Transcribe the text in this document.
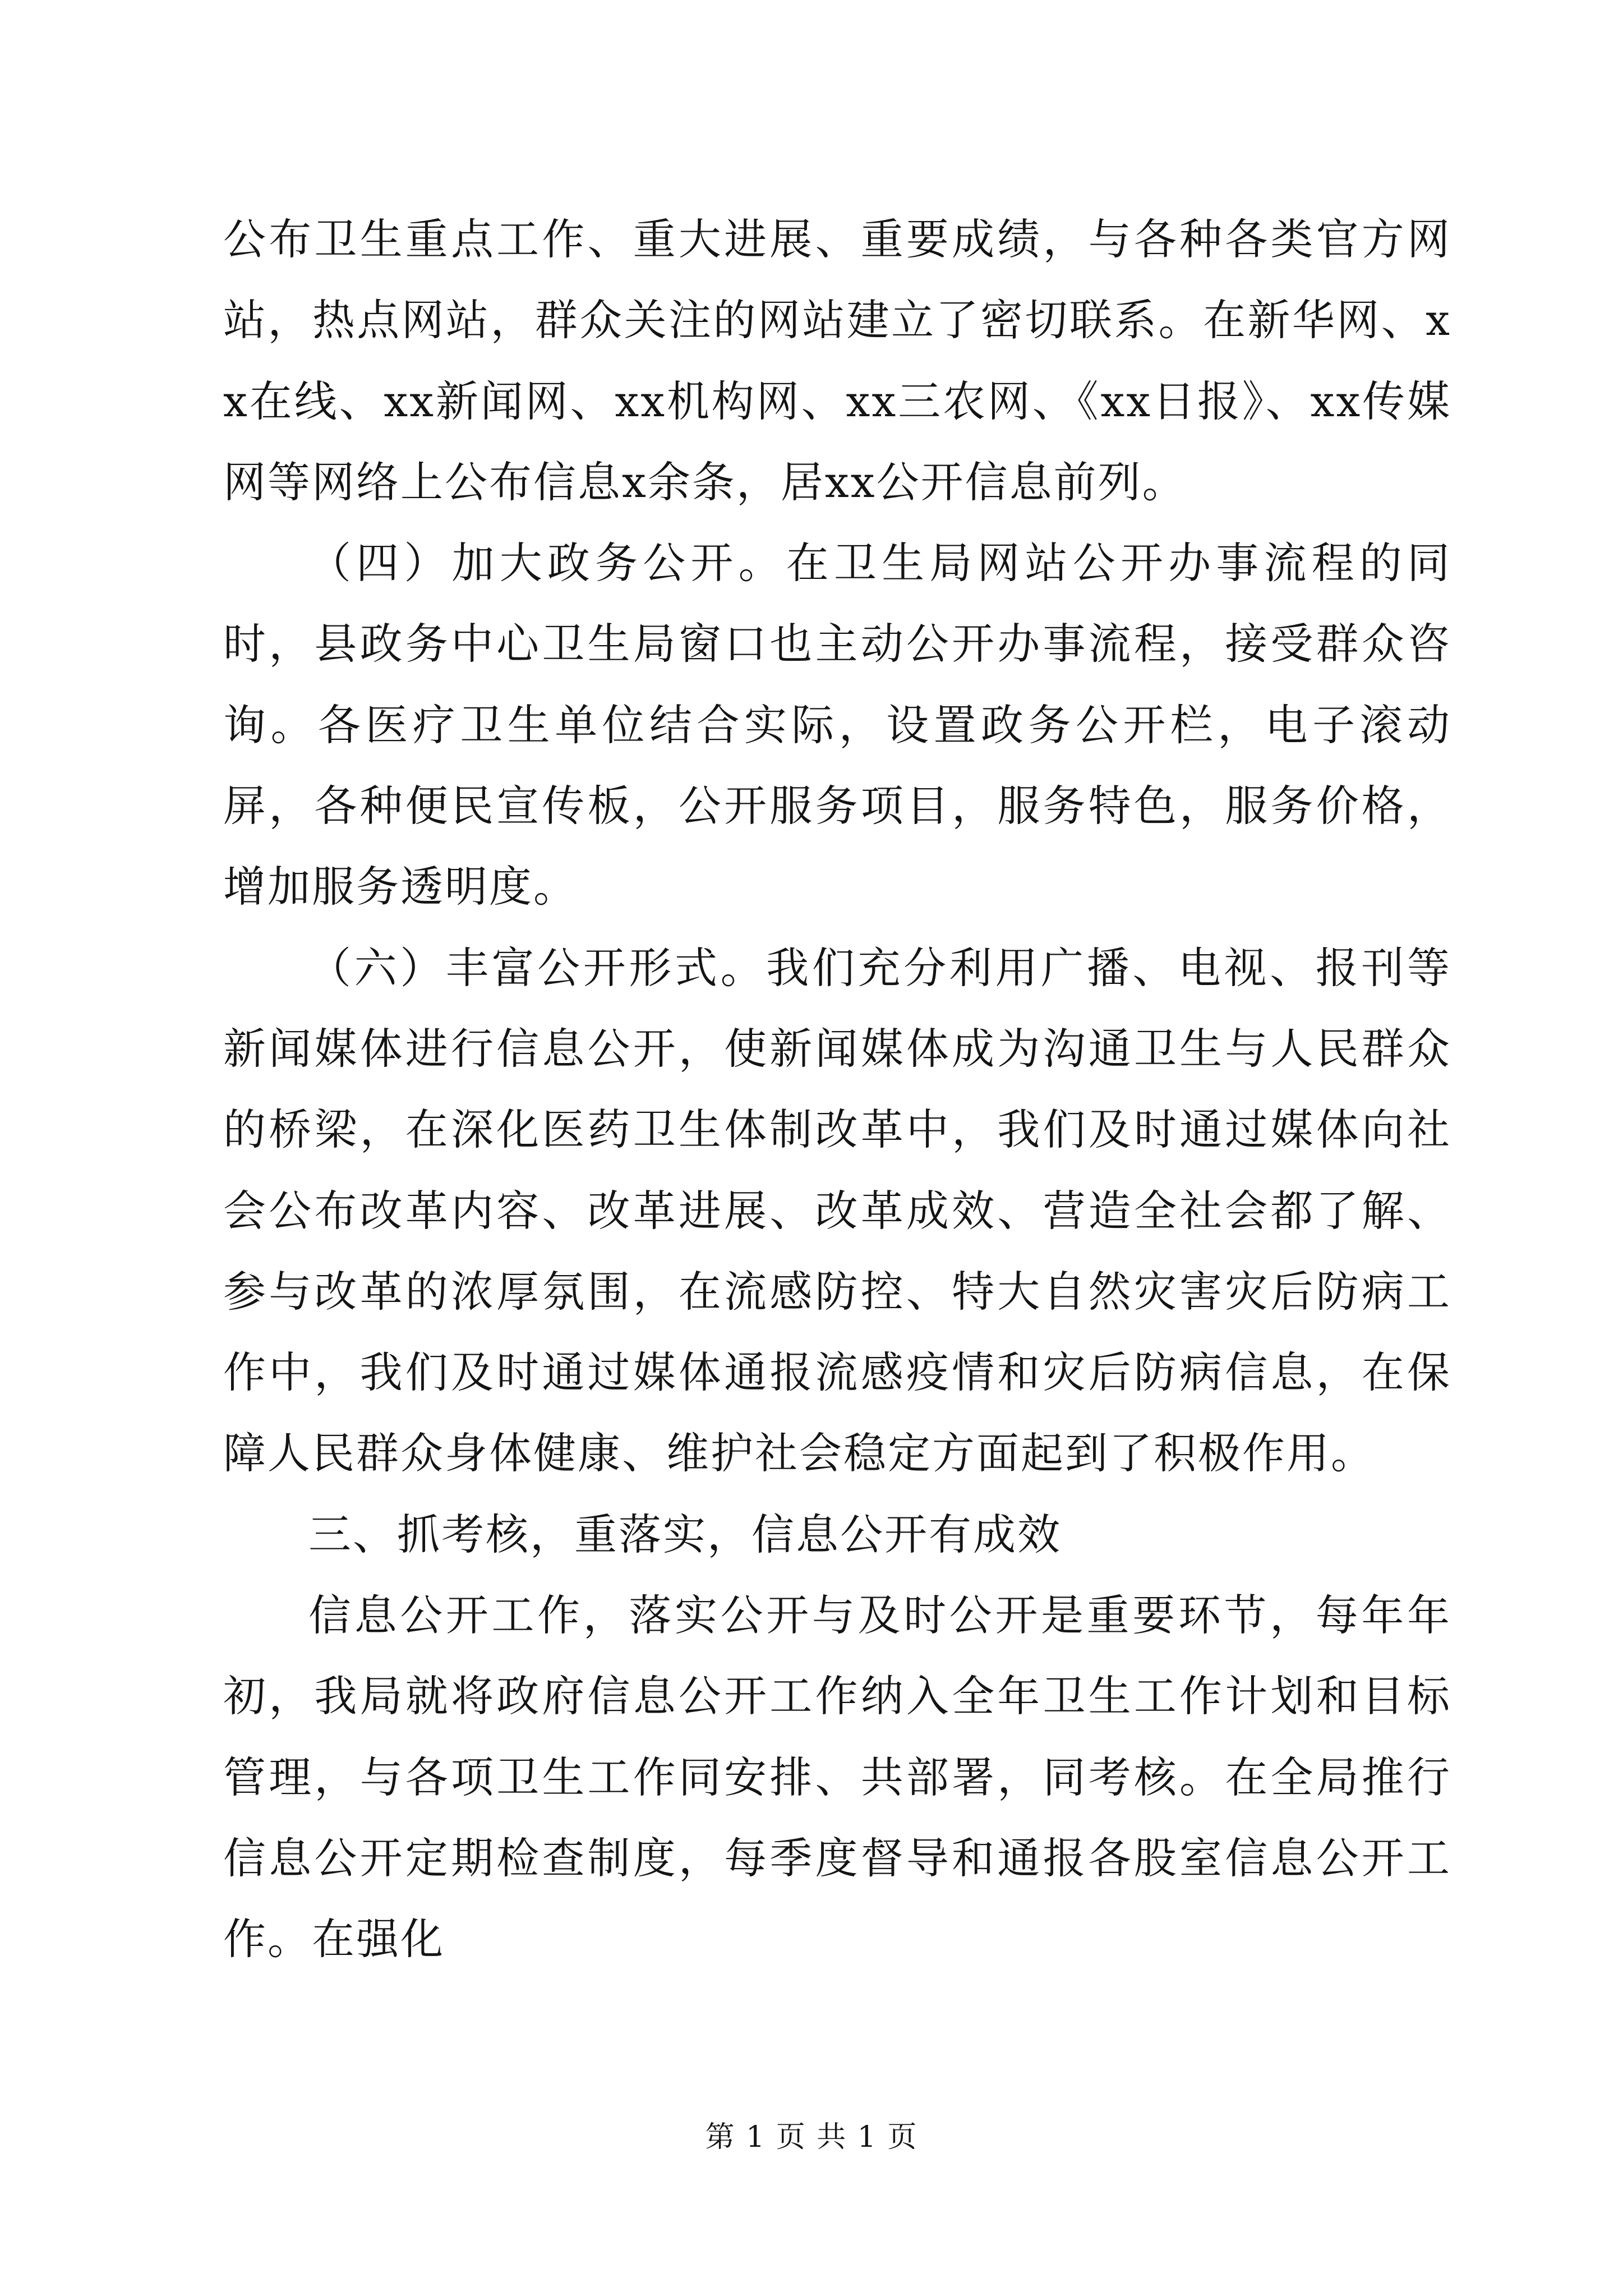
公布卫生重点工作、重大进展、重要成绩，与各种各类官方网站，热点网站，群众关注的网站建立了密切联系。在新华网、xx在线、xx新闻网、xx机构网、xx三农网、《xx日报》、xx传媒网等网络上公布信息x余条，居xx公开信息前列。

（四）加大政务公开。在卫生局网站公开办事流程的同时，县政务中心卫生局窗口也主动公开办事流程，接受群众咨询。各医疗卫生单位结合实际，设置政务公开栏，电子滚动屏，各种便民宣传板，公开服务项目，服务特色，服务价格，增加服务透明度。

（六）丰富公开形式。我们充分利用广播、电视、报刊等新闻媒体进行信息公开，使新闻媒体成为沟通卫生与人民群众的桥梁，在深化医药卫生体制改革中，我们及时通过媒体向社会公布改革内容、改革进展、改革成效、营造全社会都了解、参与改革的浓厚氛围，在流感防控、特大自然灾害灾后防病工作中，我们及时通过媒体通报流感疫情和灾后防病信息，在保障人民群众身体健康、维护社会稳定方面起到了积极作用。

三、抓考核，重落实，信息公开有成效

信息公开工作，落实公开与及时公开是重要环节，每年年初，我局就将政府信息公开工作纳入全年卫生工作计划和目标管理，与各项卫生工作同安排、共部署，同考核。在全局推行信息公开定期检查制度，每季度督导和通报各股室信息公开工作。在强化

第 1 页 共 1 页
